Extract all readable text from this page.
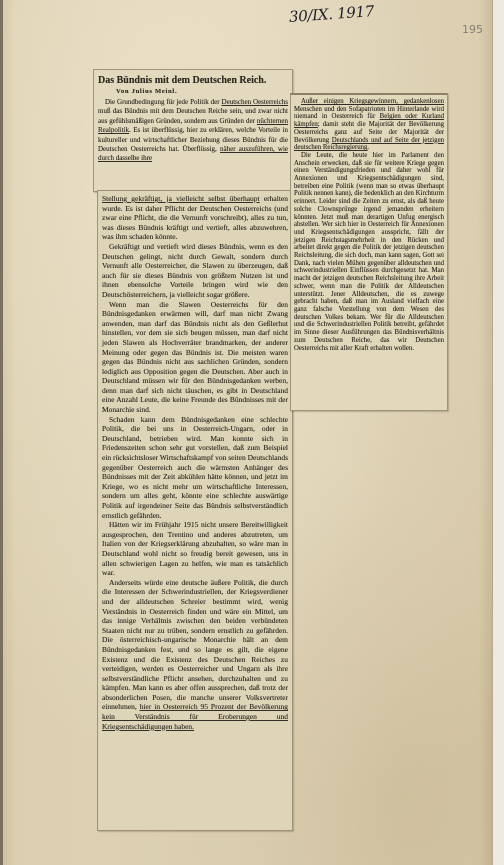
30/IX. 1917
195
Das Bündnis mit dem Deutschen Reich.
Von Julius Meinl.

Die Grundbedingung für jede Politik der Deutschen Oesterreichs muß das Bündnis mit dem Deutschen Reiche sein, und zwar nicht aus gefühlsmäßigen Gründen, sondern aus Gründen der nüchternen Realpolitik. Es ist überflüssig, hier zu erklären, welche Vorteile in kultureller und wirtschaftlicher Beziehung dieses Bündnis für die Deutschen Oesterreichs hat. Überflüssig, näher auszuführen, wie durch dasselbe ihre

Stellung gekräftigt, ja vielleicht selbst überhaupt erhalten wurde. Es ist daher Pflicht der Deutschen Oesterreichs (und zwar eine Pflicht, die die Vernunft vorschreibt), alles zu tun, was dieses Bündnis kräftigt und vertieft, alles abzuwehren, was ihm schaden könnte.

Gekräftigt und vertieft wird dieses Bündnis, wenn es den Deutschen gelingt, nicht durch Gewalt, sondern durch Vernunft alle Oesterreicher, die Slawen zu überzeugen, daß auch für sie dieses Bündnis von größtem Nutzen ist und ihnen ebensolche Vorteile bringen wird wie den Deutschösterreichern, ja vielleicht sogar größere.

Wenn man die Slawen Oesterreichs für den Bündnisgedanken erwärmen will, darf man nicht Zwang anwenden, man darf das Bündnis nicht als den Geßlerhut hinstellen, vor dem sie sich beugen müssen, man darf nicht jeden Slawen als Hochverräter brandmarken, der anderer Meinung oder gegen das Bündnis ist. Die meisten waren gegen das Bündnis nicht aus sachlichen Gründen, sondern lediglich aus Opposition gegen die Deutschen. Aber auch in Deutschland müssen wir für den Bündnisgedanken werben, denn man darf sich nicht täuschen, es gibt in Deutschland eine Anzahl Leute, die keine Freunde des Bündnisses mit der Monarchie sind.

Schaden kann dem Bündnisgedanken eine schlechte Politik, die bei uns in Oesterreich-Ungarn, oder in Deutschland, betrieben wird. Man konnte sich in Friedenszeiten schon sehr gut vorstellen, daß zum Beispiel ein rücksichtsloser Wirtschaftskampf von seiten Deutschlands gegenüber Oesterreich auch die wärmsten Anhänger des Bündnisses mit der Zeit abkühlen hätte können, und jetzt im Kriege, wo es nicht mehr um wirtschaftliche Interessen, sondern um alles geht, könnte eine schlechte auswärtige Politik auf irgendeiner Seite das Bündnis selbstverständlich ernstlich gefährden.

Hätten wir im Frühjahr 1915 nicht unsere Bereitwilligkeit ausgesprochen, den Trentino und anderes abzutreten, um Italien von der Kriegserklärung abzuhalten, so wäre man in Deutschland wohl nicht so freudig bereit gewesen, uns in allen schwierigen Lagen zu helfen, wie man es tatsächlich war.

Anderseits würde eine deutsche äußere Politik, die durch die Interessen der Schwerindustriellen, der Kriegsverdiener und der alldeutschen Schreier bestimmt wird, wenig Verständnis in Oesterreich finden und wäre ein Mittel, um das innige Verhältnis zwischen den beiden verbündeten Staaten nicht nur zu trüben, sondern ernstlich zu gefährden. Die österreichisch-ungarische Monarchie hält an dem Bündnisgedanken fest, und so lange es gilt, die eigene Existenz und die Existenz des Deutschen Reiches zu verteidigen, werden es Oesterreicher und Ungarn als ihre selbstverständliche Pflicht ansehen, durchzuhalten und zu kämpfen. Man kann es aber offen aussprechen, daß trotz der absonderlichen Posen, die manche unserer Volksvertreter einnehmen, hier in Oesterreich 95 Prozent der Bevölkerung kein Verständnis für Eroberungen und Kriegsentschädigungen haben.

Außer einigen Kriegsgewinnern, gedankenlosen Menschen und den Sofapatrioten im Hinterlande wird niemand in Oesterreich für Belgien oder Kurland kämpfen; damit steht die Majorität der Bevölkerung Oesterreichs ganz auf Seite der Majorität der Bevölkerung Deutschlands und auf Seite der jetzigen deutschen Reichsregierung.

Die Leute, die heute hier im Parlament den Anschein erwecken, daß sie für weitere Kriege gegen einen Verständigungsfrieden und daher wohl für Annexionen und Kriegsentschädigungen sind, betreiben eine Politik (wenn man so etwas überhaupt Politik nennen kann), die bedenklich an den Kirchturm erinnert. Leider sind die Zeiten zu ernst, als daß heute solche Clownsprünge irgend jemanden erheitern könnten. Jetzt muß man derartigen Unfug energisch abstellen. Wer sich hier in Oesterreich für Annexionen und Kriegsentschädigungen ausspricht, fällt der jetzigen Reichstagsmehrheit in den Rücken und arbeitet direkt gegen die Politik der jetzigen deutschen Reichsleitung, die sich doch, man kann sagen, Gott sei Dank, nach vielen Mühen gegenüber alldeutschen und schwerindustriellen Einflüssen durchgesetzt hat. Man macht der jetzigen deutschen Reichsleitung ihre Arbeit schwer, wenn man die Politik der Alldeutschen unterstützt. Jener Alldeutschen, die es zuwege gebracht haben, daß man im Ausland vielfach eine ganz falsche Vorstellung von dem Wesen des deutschen Volkes bekam. Wer für die Alldeutschen und die Schwerindustriellen Politik betreibt, gefährdet im Sinne dieser Ausführungen das Bündnisverhältnis zum Deutschen Reiche, das wir Deutschen Oesterreichs mit aller Kraft erhalten wollen.
